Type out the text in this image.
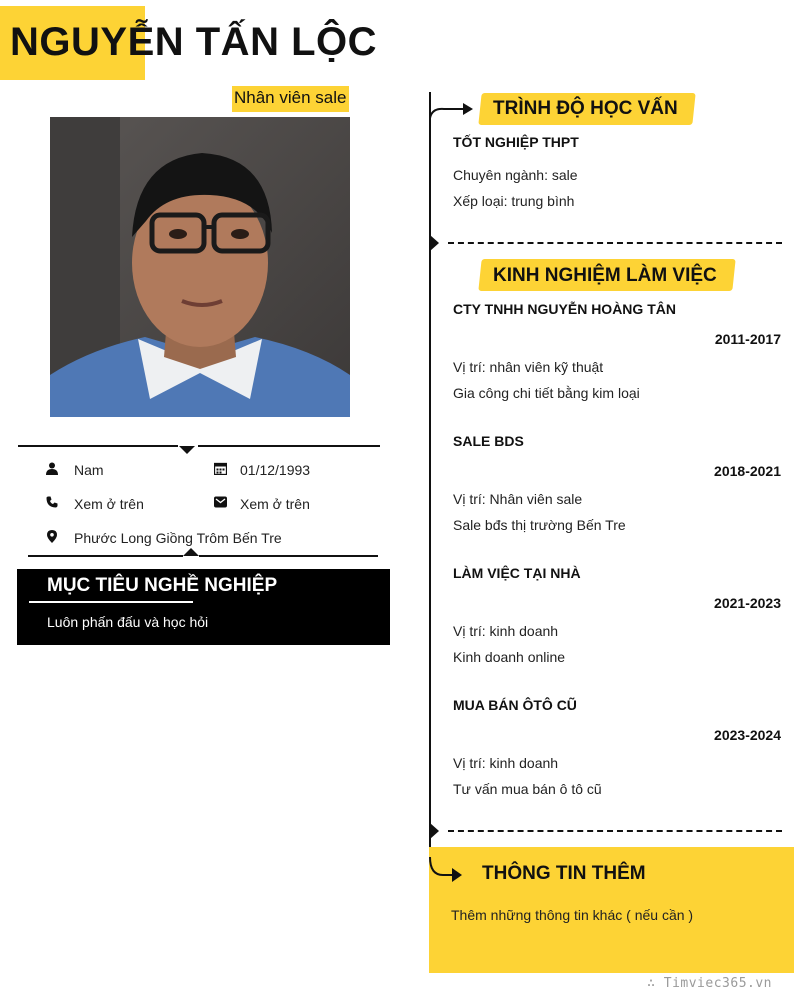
NGUYỄN TẤN LỘC
Nhân viên sale
Nam	01/12/1993
Xem ở trên	Xem ở trên
Phước Long Giồng Trôm Bến Tre
MỤC TIÊU NGHỀ NGHIỆP
Luôn phấn đấu và học hỏi
TRÌNH ĐỘ HỌC VẤN
TỐT NGHIỆP THPT
Chuyên ngành: sale
Xếp loại: trung bình
KINH NGHIỆM LÀM VIỆC
CTY TNHH NGUYỄN HOÀNG TÂN
2011-2017
Vị trí: nhân viên kỹ thuật
Gia công chi tiết bằng kim loại
SALE BDS
2018-2021
Vị trí: Nhân viên sale
Sale bđs thị trường Bến Tre
LÀM VIỆC TẠI NHÀ
2021-2023
Vị trí: kinh doanh
Kinh doanh online
MUA BÁN ÔTÔ CŨ
2023-2024
Vị trí: kinh doanh
Tư vấn mua bán ô tô cũ
THÔNG TIN THÊM
Thêm những thông tin khác ( nếu cần )
∴ Timviec365.vn
